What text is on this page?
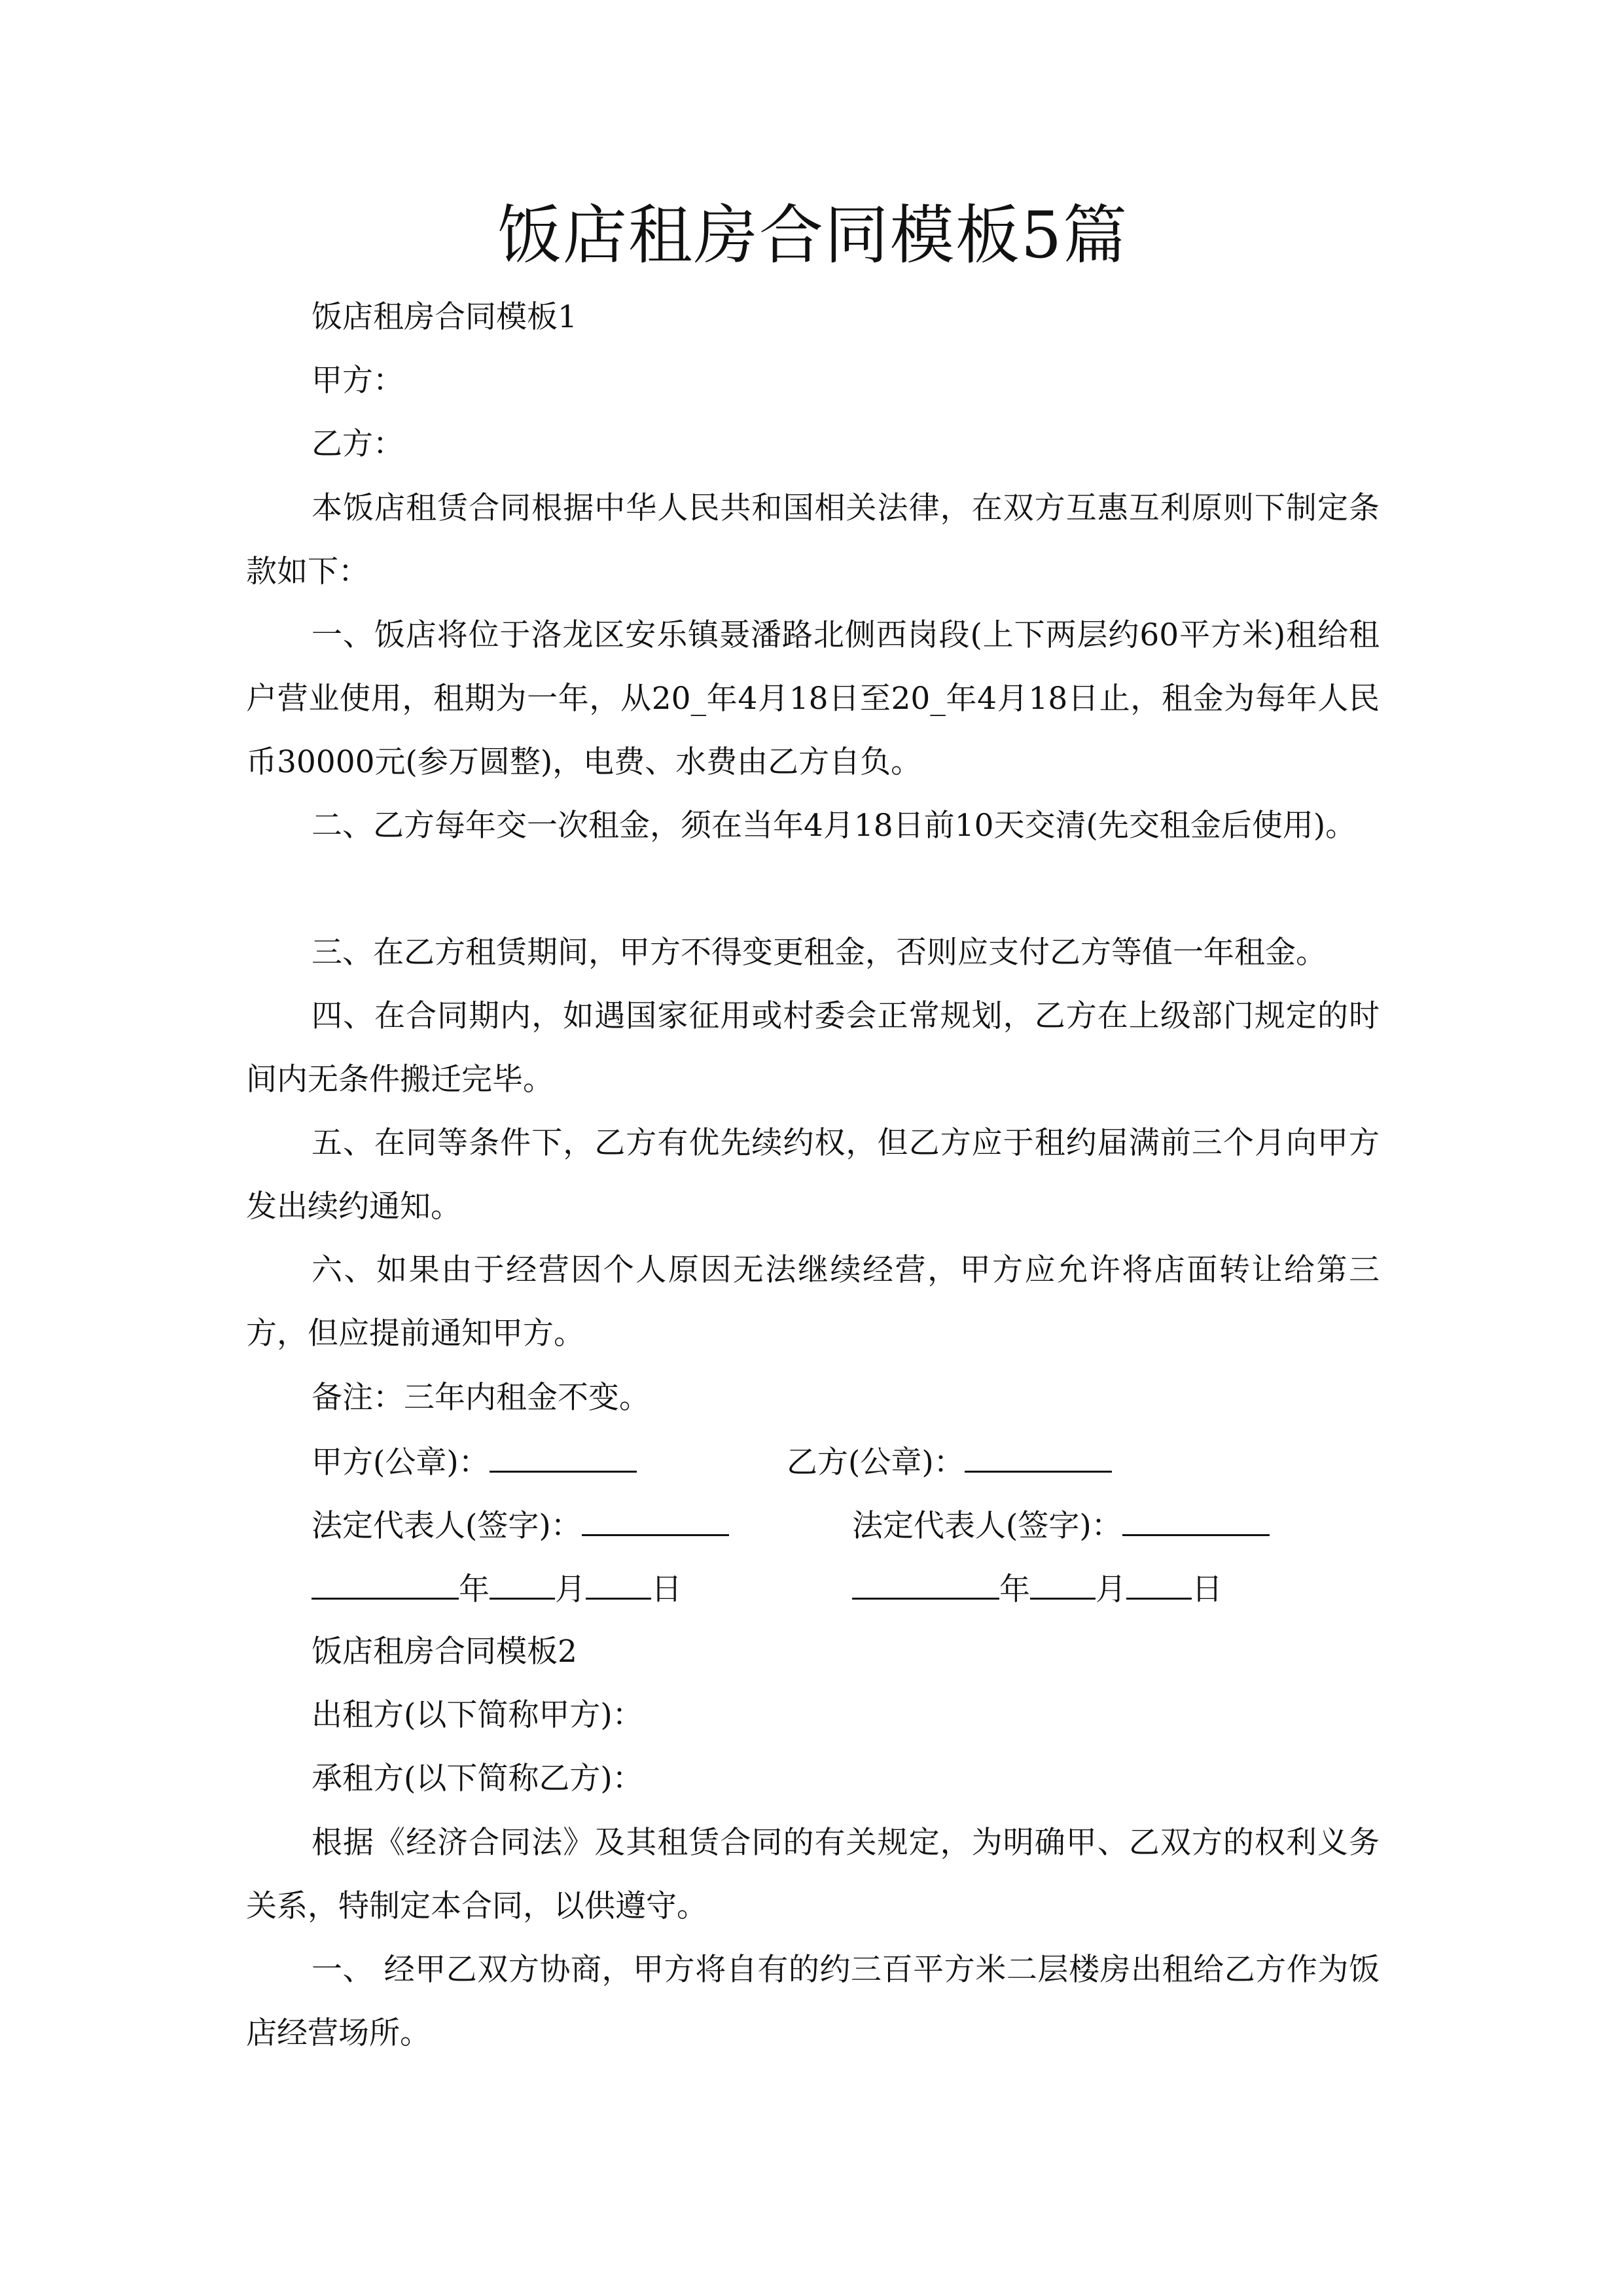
饭店租房合同模板5篇
饭店租房合同模板1
甲方：
乙方：

本饭店租赁合同根据中华人民共和国相关法律，在双方互惠互利原则下制定条款如下：

一、饭店将位于洛龙区安乐镇聂潘路北侧西岗段(上下两层约60平方米)租给租户营业使用，租期为一年，从20_年4月18日至20_年4月18日止，租金为每年人民币30000元(参万圆整)，电费、水费由乙方自负。

二、乙方每年交一次租金，须在当年4月18日前10天交清(先交租金后使用)。

三、在乙方租赁期间，甲方不得变更租金，否则应支付乙方等值一年租金。

四、在合同期内，如遇国家征用或村委会正常规划，乙方在上级部门规定的时间内无条件搬迁完毕。

五、在同等条件下，乙方有优先续约权，但乙方应于租约届满前三个月向甲方发出续约通知。

六、如果由于经营因个人原因无法继续经营，甲方应允许将店面转让给第三方，但应提前通知甲方。

备注：三年内租金不变。
甲方(公章)：	乙方(公章)：
法定代表人(签字)：	法定代表人(签字)：
年 月 日	年 月 日
饭店租房合同模板2
出租方(以下简称甲方)：
承租方(以下简称乙方)：

根据《经济合同法》及其租赁合同的有关规定，为明确甲、乙双方的权利义务关系，特制定本合同，以供遵守。

一、 经甲乙双方协商，甲方将自有的约三百平方米二层楼房出租给乙方作为饭店经营场所。
